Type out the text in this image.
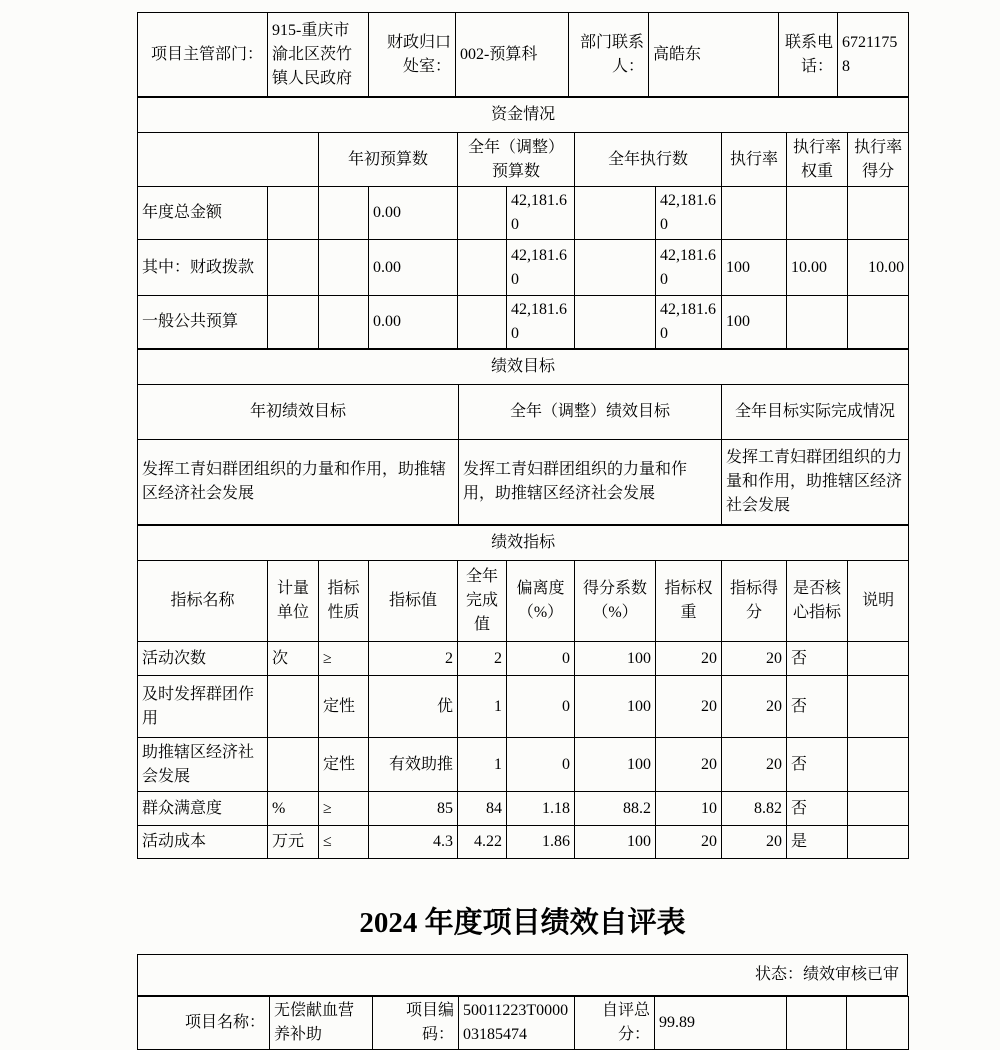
项目主管部门：	915-重庆市渝北区茨竹镇人民政府	财政归口处室：	002-预算科	部门联系人：	高皓东	联系电话：	67211758
资金情况										
		年初预算数		全年（调整）预算数		全年执行数		执行率	执行率权重	执行率得分
年度总金额			0.00		42,181.60		42,181.60			
其中：财政拨款			0.00		42,181.60		42,181.60	100	10.00	10.00
一般公共预算			0.00		42,181.60		42,181.60	100		
绩效目标		
年初绩效目标	全年（调整）绩效目标	全年目标实际完成情况
发挥工青妇群团组织的力量和作用，助推辖区经济社会发展	发挥工青妇群团组织的力量和作用，助推辖区经济社会发展	发挥工青妇群团组织的力量和作用，助推辖区经济社会发展
绩效指标										
指标名称	计量单位	指标性质	指标值	全年完成值	偏离度（%）	得分系数（%）	指标权重	指标得分	是否核心指标	说明
活动次数	次	≥	2	2	0	100	20	20	否	
及时发挥群团作用		定性	优	1	0	100	20	20	否	
助推辖区经济社会发展		定性	有效助推	1	0	100	20	20	否	
群众满意度	%	≥	85	84	1.18	88.2	10	8.82	否	
活动成本	万元	≤	4.3	4.22	1.86	100	20	20	是	
2024 年度项目绩效自评表
状态：绩效审核已审
项目名称：	无偿献血营养补助	项目编码：	50011223T000003185474	自评总分：	99.89		
